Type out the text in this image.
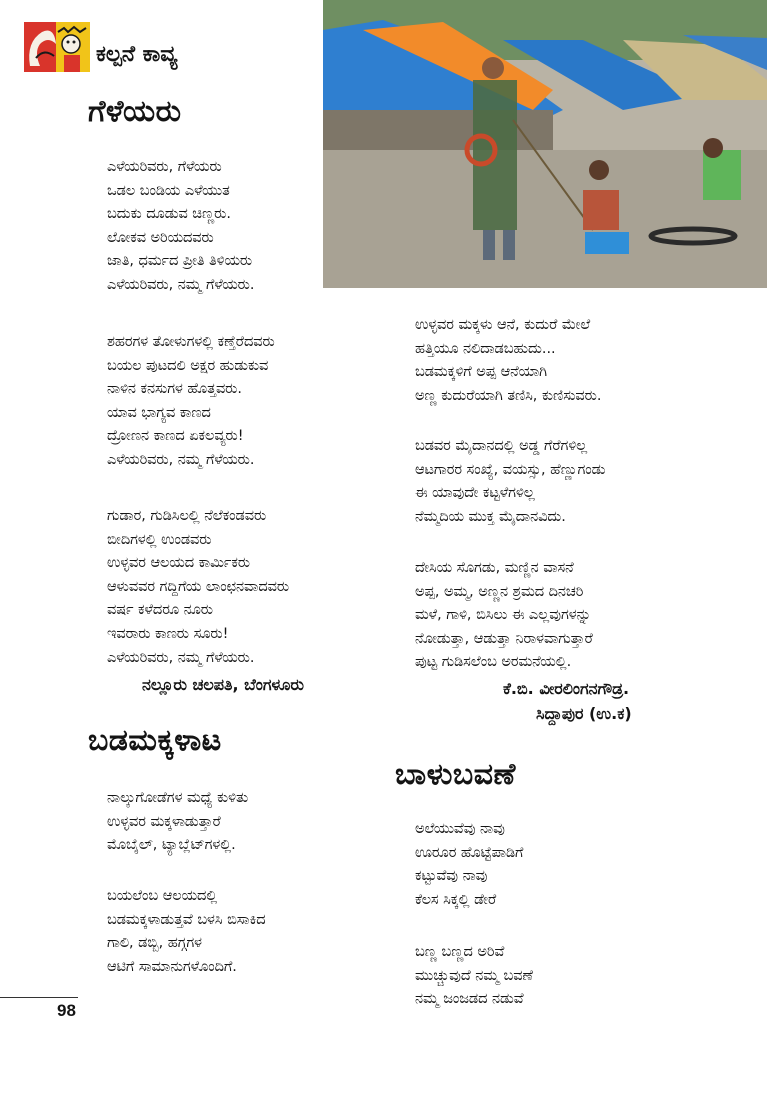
ಕಲ್ಪನೆ ಕಾವ್ಯ
ಗೆಳೆಯರು
ಎಳೆಯರಿವರು, ಗೆಳೆಯರು
ಒಡಲ ಬಂಡಿಯ ಎಳೆಯುತ
ಬದುಕು ದೂಡುವ ಚಿಣ್ಣರು.
ಲೋಕವ ಅರಿಯದವರು
ಜಾತಿ, ಧರ್ಮದ ಪ್ರೀತಿ ತಿಳಿಯರು
ಎಳೆಯರಿವರು, ನಮ್ಮ ಗೆಳೆಯರು.
ಶಹರಗಳ ತೋಳುಗಳಲ್ಲಿ ಕಣ್ತೆರೆದವರು
ಬಯಲ ಪುಟದಲಿ ಅಕ್ಷರ ಹುಡುಕುವ
ನಾಳಿನ ಕನಸುಗಳ ಹೊತ್ತವರು.
ಯಾವ ಭಾಗ್ಯವ ಕಾಣದ
ದ್ರೋಣನ ಕಾಣದ ಏಕಲವ್ಯರು!
ಎಳೆಯರಿವರು, ನಮ್ಮ ಗೆಳೆಯರು.
ಗುಡಾರ, ಗುಡಿಸಿಲಲ್ಲಿ ನೆಲೆಕಂಡವರು
ಬೀದಿಗಳಲ್ಲಿ ಉಂಡವರು
ಉಳ್ಳವರ ಆಲಯದ ಕಾರ್ಮಿಕರು
ಆಳುವವರ ಗದ್ದಿಗೆಯ ಲಾಂಛನವಾದವರು
ವರ್ಷ ಕಳೆದರೂ ನೂರು
ಇವರಾರು ಕಾಣರು ಸೂರು!
ಎಳೆಯರಿವರು, ನಮ್ಮ ಗೆಳೆಯರು.
ನಲ್ಲೂರು ಚಲಪತಿ, ಬೆಂಗಳೂರು
ಬಡಮಕ್ಕಳಾಟ
ನಾಲ್ಕುಗೋಡೆಗಳ ಮಧ್ಯೆ ಕುಳಿತು
ಉಳ್ಳವರ ಮಕ್ಕಳಾಡುತ್ತಾರೆ
ಮೊಬೈಲ್, ಟ್ಯಾಬ್ಲೆಟ್‌ಗಳಲ್ಲಿ.
ಬಯಲೆಂಬ ಆಲಯದಲ್ಲಿ
ಬಡಮಕ್ಕಳಾಡುತ್ತವೆ ಬಳಸಿ ಬಿಸಾಕಿದ
ಗಾಲಿ, ಡಬ್ಬಿ, ಹಗ್ಗಗಳ
ಆಟಿಗೆ ಸಾಮಾನುಗಳೊಂದಿಗೆ.
ಉಳ್ಳವರ ಮಕ್ಕಳು ಆನೆ, ಕುದುರೆ ಮೇಲೆ
ಹತ್ತಿಯೂ ನಲಿದಾಡಬಹುದು...
ಬಡಮಕ್ಕಳಿಗೆ ಅಪ್ಪ ಆನೆಯಾಗಿ
ಅಣ್ಣ ಕುದುರೆಯಾಗಿ ತಣಿಸಿ, ಕುಣಿಸುವರು.
ಬಡವರ ಮೈದಾನದಲ್ಲಿ ಅಡ್ಡ ಗೆರೆಗಳಿಲ್ಲ
ಆಟಗಾರರ ಸಂಖ್ಯೆ, ವಯಸ್ಸು, ಹೆಣ್ಣುಗಂಡು
ಈ ಯಾವುದೇ ಕಟ್ಟಳೆಗಳಿಲ್ಲ
ನೆಮ್ಮದಿಯ ಮುಕ್ತ ಮೈದಾನವಿದು.
ದೇಸಿಯ ಸೊಗಡು, ಮಣ್ಣಿನ ವಾಸನೆ
ಅಪ್ಪ, ಅಮ್ಮ, ಅಣ್ಣನ ಶ್ರಮದ ದಿನಚರಿ
ಮಳೆ, ಗಾಳಿ, ಬಿಸಿಲು ಈ ಎಲ್ಲವುಗಳನ್ನು
ನೋಡುತ್ತಾ, ಆಡುತ್ತಾ ನಿರಾಳವಾಗುತ್ತಾರೆ
ಪುಟ್ಟ ಗುಡಿಸಲೆಂಬ ಅರಮನೆಯಲ್ಲಿ.
ಕೆ.ಬಿ. ವೀರಲಿಂಗನಗೌಡ್ರ.
ಸಿದ್ದಾಪುರ (ಉ.ಕ)
ಬಾಳುಬವಣೆ
ಅಲೆಯುವೆವು ನಾವು
ಊರೂರ ಹೊಟ್ಟೆಪಾಡಿಗೆ
ಕಟ್ಟುವೆವು ನಾವು
ಕೆಲಸ ಸಿಕ್ಕಲ್ಲಿ ಡೇರೆ
ಬಣ್ಣ ಬಣ್ಣದ ಅರಿವೆ
ಮುಚ್ಚುವುದೆ ನಮ್ಮ ಬವಣೆ
ನಮ್ಮ ಜಂಜಡದ ನಡುವೆ
98
